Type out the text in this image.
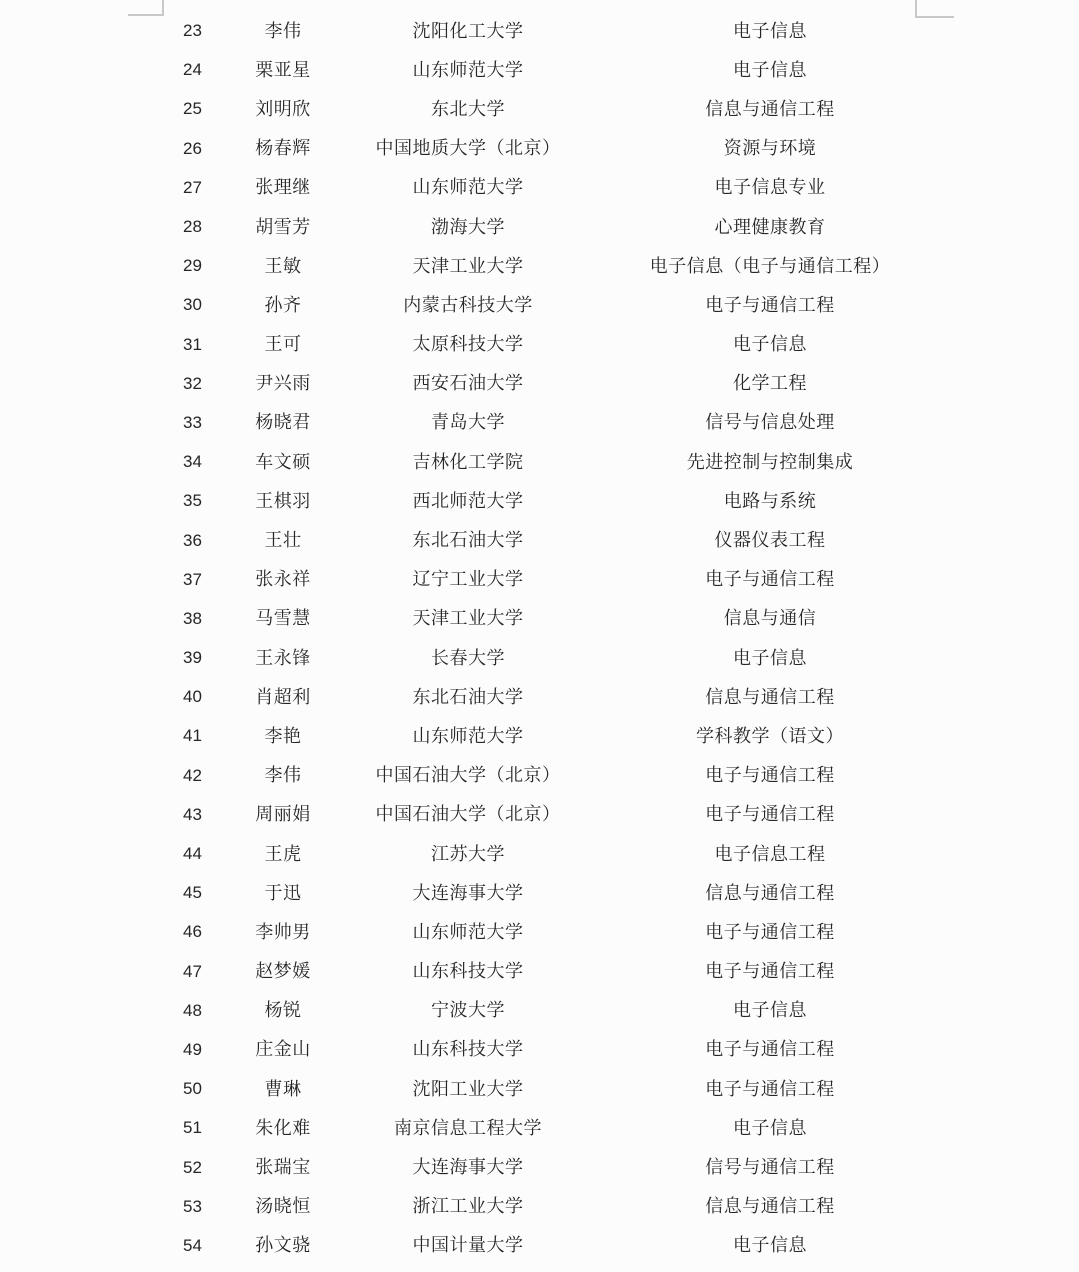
23	李伟	沈阳化工大学	电子信息
24	栗亚星	山东师范大学	电子信息
25	刘明欣	东北大学	信息与通信工程
26	杨春辉	中国地质大学（北京）	资源与环境
27	张理继	山东师范大学	电子信息专业
28	胡雪芳	渤海大学	心理健康教育
29	王敏	天津工业大学	电子信息（电子与通信工程）
30	孙齐	内蒙古科技大学	电子与通信工程
31	王可	太原科技大学	电子信息
32	尹兴雨	西安石油大学	化学工程
33	杨晓君	青岛大学	信号与信息处理
34	车文硕	吉林化工学院	先进控制与控制集成
35	王棋羽	西北师范大学	电路与系统
36	王壮	东北石油大学	仪器仪表工程
37	张永祥	辽宁工业大学	电子与通信工程
38	马雪慧	天津工业大学	信息与通信
39	王永锋	长春大学	电子信息
40	肖超利	东北石油大学	信息与通信工程
41	李艳	山东师范大学	学科教学（语文）
42	李伟	中国石油大学（北京）	电子与通信工程
43	周丽娟	中国石油大学（北京）	电子与通信工程
44	王虎	江苏大学	电子信息工程
45	于迅	大连海事大学	信息与通信工程
46	李帅男	山东师范大学	电子与通信工程
47	赵梦媛	山东科技大学	电子与通信工程
48	杨锐	宁波大学	电子信息
49	庄金山	山东科技大学	电子与通信工程
50	曹琳	沈阳工业大学	电子与通信工程
51	朱化难	南京信息工程大学	电子信息
52	张瑞宝	大连海事大学	信号与通信工程
53	汤晓恒	浙江工业大学	信息与通信工程
54	孙文骁	中国计量大学	电子信息
